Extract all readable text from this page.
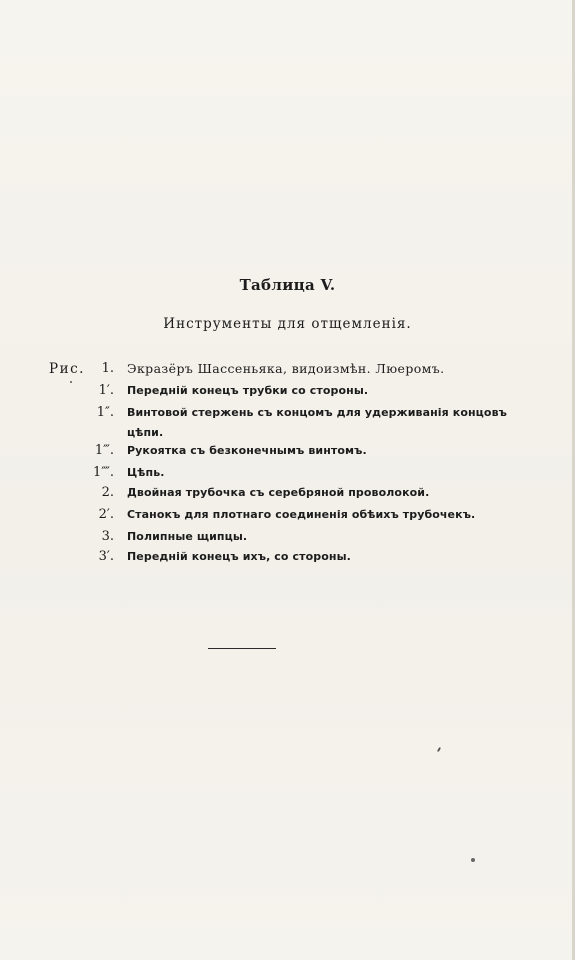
Таблица V.
Инструменты для отщемленія.
Рис. 1. Экразёръ Шассеньяка, видоизмѣн. Люеромъ.
1′. Передній конецъ трубки со стороны.
1″. Винтовой стержень съ концомъ для удерживанія концовъ
цѣпи.
1‴. Рукоятка съ безконечнымъ винтомъ.
1⁗. Цѣпь.
2. Двойная трубочка съ серебряной проволокой.
2′. Станокъ для плотнаго соединенія обѣихъ трубочекъ.
3. Полипные щипцы.
3′. Передній конецъ ихъ, со стороны.
